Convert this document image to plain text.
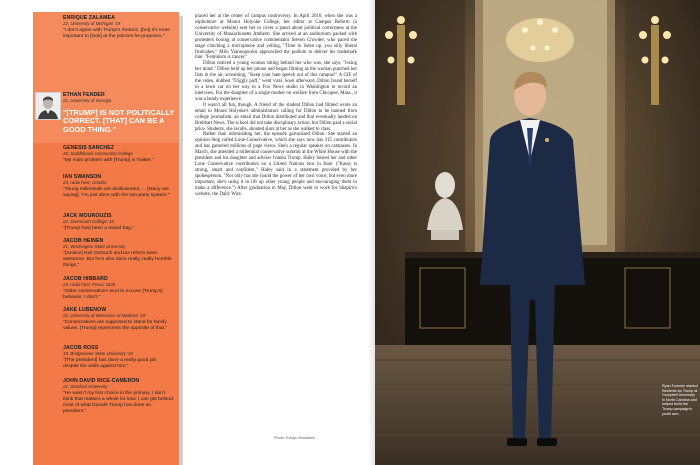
ENRIQUE ZALAMEA
22, University of Michigan '19
"I don't agree with Trump's rhetoric, [but] it's more important to [look] at the policies he proposes."
ETHAN FENDER
21, University of Georgia
"[TRUMP] IS NOT POLITICALLY CORRECT. [THAT] CAN BE A GOOD THING."
GENESIS SANCHEZ
20, Saddleback Community College
"My main problem with [Trump] is Twitter."
IAN SWANSON
24, radio host, Omaha
"Young millennials are disillusioned, ... [Many are saying], 'I'm just done with the two-party system.'"
JACK MOUROUZIS
22, Dartmouth College '18
"[Trump has] been a mixed bag."
JACOB HEINEN
21, Washington State University
"[Justice] Neil Gorsuch and tax reform were awesome. But he's also done really, really horrible things."
JACOB HIBBARD
23, radio host, Provo, Utah
"Older conservatives tend to excuse [Trump's] behavior. I don't."
JAKE LUBENOW
22, University of Wisconsin at Madison '19
"Conservatives are supposed to stand for family values. [Trump] represents the opposite of that."
JACOB ROSS
19, Bridgewater State University '19
"[The president] has done a really good job despite the odds against him."
JOHN DAVID RICE-CAMERON
21, Stanford University
"He wasn't my first choice in the primary. I don't think that matters a whole lot now. I can get behind most of what Donald Trump has done as president."

placed her at the center of campus controversy. In April 2016, when she was a sophomore at Mount Holyoke College, her editor at Campus Reform (a conservative website) sent her to cover a panel about political correctness at the University of Massachusetts Amherst. She arrived at an auditorium packed with protesters booing at conservative commentator Steven Crowder, who paced the stage clutching a microphone and yelling, "Time to listen up, you silly liberal fruitcakes." Milo Yiannopoulos approached the podium to deliver his trademark line: "Feminism is cancer."

Dillon noticed a young woman sitting behind her who was, she says, "losing her mind." Dillon held up her phone and began filming as the woman punched her fists in the air, screaming, "Keep your hate speech out of this campus!" A GIF of the video, dubbed "Triggly puff," went viral. Soon afterward, Dillon found herself in a town car on her way to a Fox News studio in Washington to record an interview. For the daughter of a single mother on welfare from Chicopee, Mass., it was a heady experience.

It wasn't all fun, though. A friend of the student Dillon had filmed wrote an email to Mount Holyoke's administrators calling for Dillon to be banned from college journalism, an email that Dillon distributed and that eventually landed on Breitbart News. The school did not take disciplinary action, but Dillon paid a social price. Students, she recalls, shouted slurs at her as she walked to class.

Rather than intimidating her, the episode galvanized Dillon. She started an opinion blog called Lone Conservative, which she says now has 315 contributors and has garnered millions of page views. She's a regular speaker on campuses. In March, she attended a millennial conservative summit at the White House with the president and his daughter and adviser Ivanka Trump. Haley hosted her and other Lone Conservative contributors on a United Nations tour in June. ("Kassy is strong, smart and confident," Haley said in a statement provided by her spokesperson. "Not only has she found the power of her own voice, but even more important, she's using it to lift up other young people and encouraging them to make a difference.") After graduation in May, Dillon went to work for Shapiro's website, the Daily Wire.

Photo: Evelyn Hockstein
Ryan Fournier started Students for Trump at Campbell University in North Carolina and helped build the Trump campaign's youth arm.
